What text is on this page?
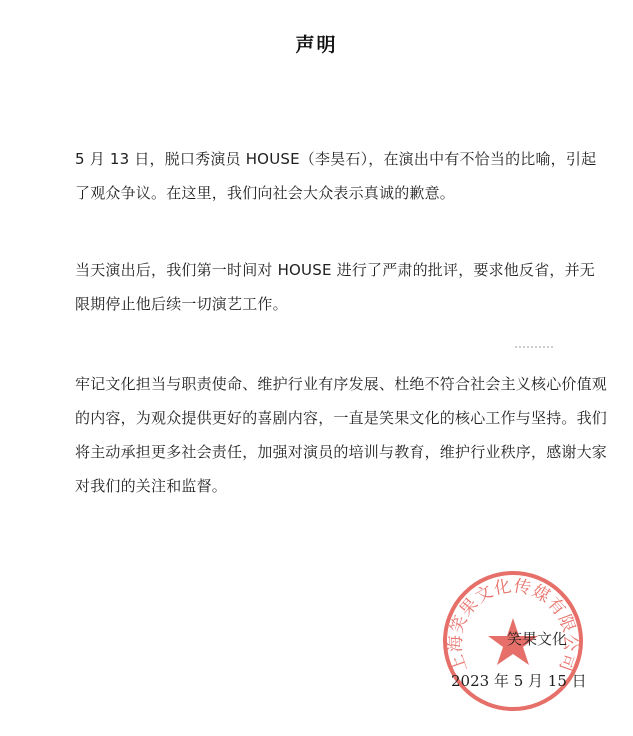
声明
5 月 13 日，脱口秀演员 HOUSE（李昊石），在演出中有不恰当的比喻，引起
了观众争议。在这里，我们向社会大众表示真诚的歉意。
当天演出后，我们第一时间对 HOUSE 进行了严肃的批评，要求他反省，并无
限期停止他后续一切演艺工作。
牢记文化担当与职责使命、维护行业有序发展、杜绝不符合社会主义核心价值观
的内容，为观众提供更好的喜剧内容，一直是笑果文化的核心工作与坚持。我们
将主动承担更多社会责任，加强对演员的培训与教育，维护行业秩序，感谢大家
对我们的关注和监督。
上海笑果文化传媒有限公司
笑果文化
2023 年 5 月 15 日
